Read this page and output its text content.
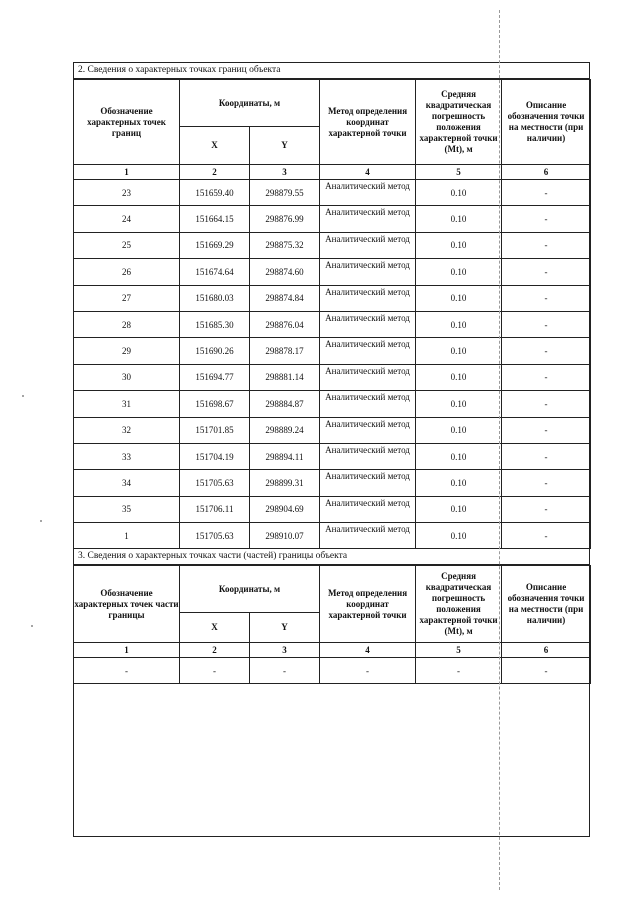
2. Сведения о характерных точках границ объекта
Обозначение характерных точек границ	Координаты, м		Метод определения координат характерной точки	Средняя квадратическая погрешность положения характерной точки (Mt), м	Описание обозначения точки на местности (при наличии)
	X	Y			
1	2	3	4	5	6
23	151659.40	298879.55	Аналитический метод	0.10	-
24	151664.15	298876.99	Аналитический метод	0.10	-
25	151669.29	298875.32	Аналитический метод	0.10	-
26	151674.64	298874.60	Аналитический метод	0.10	-
27	151680.03	298874.84	Аналитический метод	0.10	-
28	151685.30	298876.04	Аналитический метод	0.10	-
29	151690.26	298878.17	Аналитический метод	0.10	-
30	151694.77	298881.14	Аналитический метод	0.10	-
31	151698.67	298884.87	Аналитический метод	0.10	-
32	151701.85	298889.24	Аналитический метод	0.10	-
33	151704.19	298894.11	Аналитический метод	0.10	-
34	151705.63	298899.31	Аналитический метод	0.10	-
35	151706.11	298904.69	Аналитический метод	0.10	-
1	151705.63	298910.07	Аналитический метод	0.10	-
3. Сведения о характерных точках части (частей) границы объекта
Обозначение характерных точек части границы	Координаты, м		Метод определения координат характерной точки	Средняя квадратическая погрешность положения характерной точки (Mt), м	Описание обозначения точки на местности (при наличии)
	X	Y			
1	2	3	4	5	6
-	-	-	-	-	-
